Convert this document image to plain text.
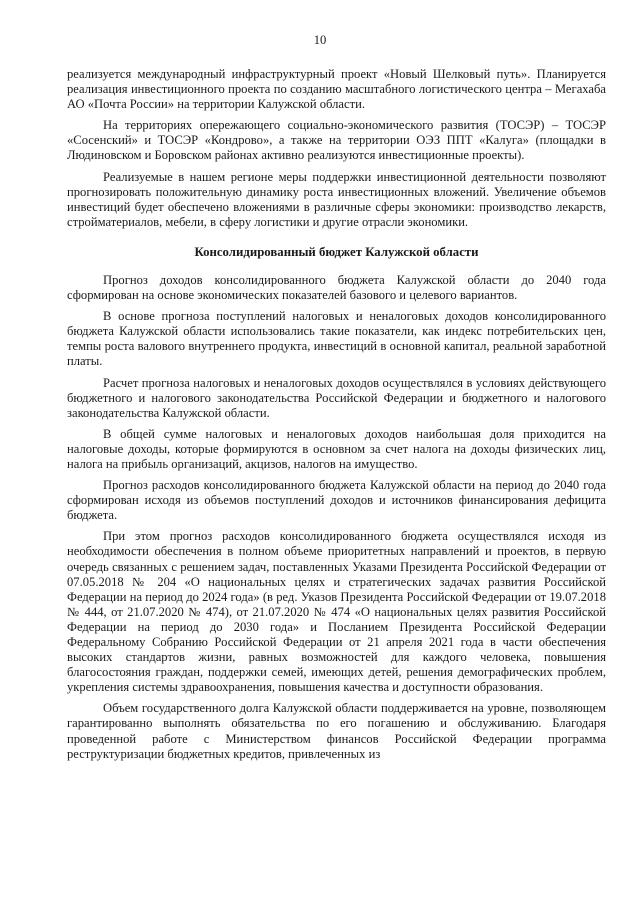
10

реализуется международный инфраструктурный проект «Новый Шелковый путь». Планируется реализация инвестиционного проекта по созданию масштабного логистического центра – Мегахаба АО «Почта России» на территории Калужской области.

На территориях опережающего социально-экономического развития (ТОСЭР) – ТОСЭР «Сосенский» и ТОСЭР «Кондрово», а также на территории ОЭЗ ППТ «Калуга» (площадки в Людиновском и Боровском районах активно реализуются инвестиционные проекты).

Реализуемые в нашем регионе меры поддержки инвестиционной деятельности позволяют прогнозировать положительную динамику роста инвестиционных вложений. Увеличение объемов инвестиций будет обеспечено вложениями в различные сферы экономики: производство лекарств, стройматериалов, мебели, в сферу логистики и другие отрасли экономики.

Консолидированный бюджет Калужской области

Прогноз доходов консолидированного бюджета Калужской области до 2040 года сформирован на основе экономических показателей базового и целевого вариантов.

В основе прогноза поступлений налоговых и неналоговых доходов консолидированного бюджета Калужской области использовались такие показатели, как индекс потребительских цен, темпы роста валового внутреннего продукта, инвестиций в основной капитал, реальной заработной платы.

Расчет прогноза налоговых и неналоговых доходов осуществлялся в условиях действующего бюджетного и налогового законодательства Российской Федерации и бюджетного и налогового законодательства Калужской области.

В общей сумме налоговых и неналоговых доходов наибольшая доля приходится на налоговые доходы, которые формируются в основном за счет налога на доходы физических лиц, налога на прибыль организаций, акцизов, налогов на имущество.

Прогноз расходов консолидированного бюджета Калужской области на период до 2040 года сформирован исходя из объемов поступлений доходов и источников финансирования дефицита бюджета.

При этом прогноз расходов консолидированного бюджета осуществлялся исходя из необходимости обеспечения в полном объеме приоритетных направлений и проектов, в первую очередь связанных с решением задач, поставленных Указами Президента Российской Федерации от 07.05.2018 № 204 «О национальных целях и стратегических задачах развития Российской Федерации на период до 2024 года» (в ред. Указов Президента Российской Федерации от 19.07.2018 № 444, от 21.07.2020 № 474), от 21.07.2020 № 474 «О национальных целях развития Российской Федерации на период до 2030 года» и Посланием Президента Российской Федерации Федеральному Собранию Российской Федерации от 21 апреля 2021 года в части обеспечения высоких стандартов жизни, равных возможностей для каждого человека, повышения благосостояния граждан, поддержки семей, имеющих детей, решения демографических проблем, укрепления системы здравоохранения, повышения качества и доступности образования.

Объем государственного долга Калужской области поддерживается на уровне, позволяющем гарантированно выполнять обязательства по его погашению и обслуживанию. Благодаря проведенной работе с Министерством финансов Российской Федерации программа реструктуризации бюджетных кредитов, привлеченных из
